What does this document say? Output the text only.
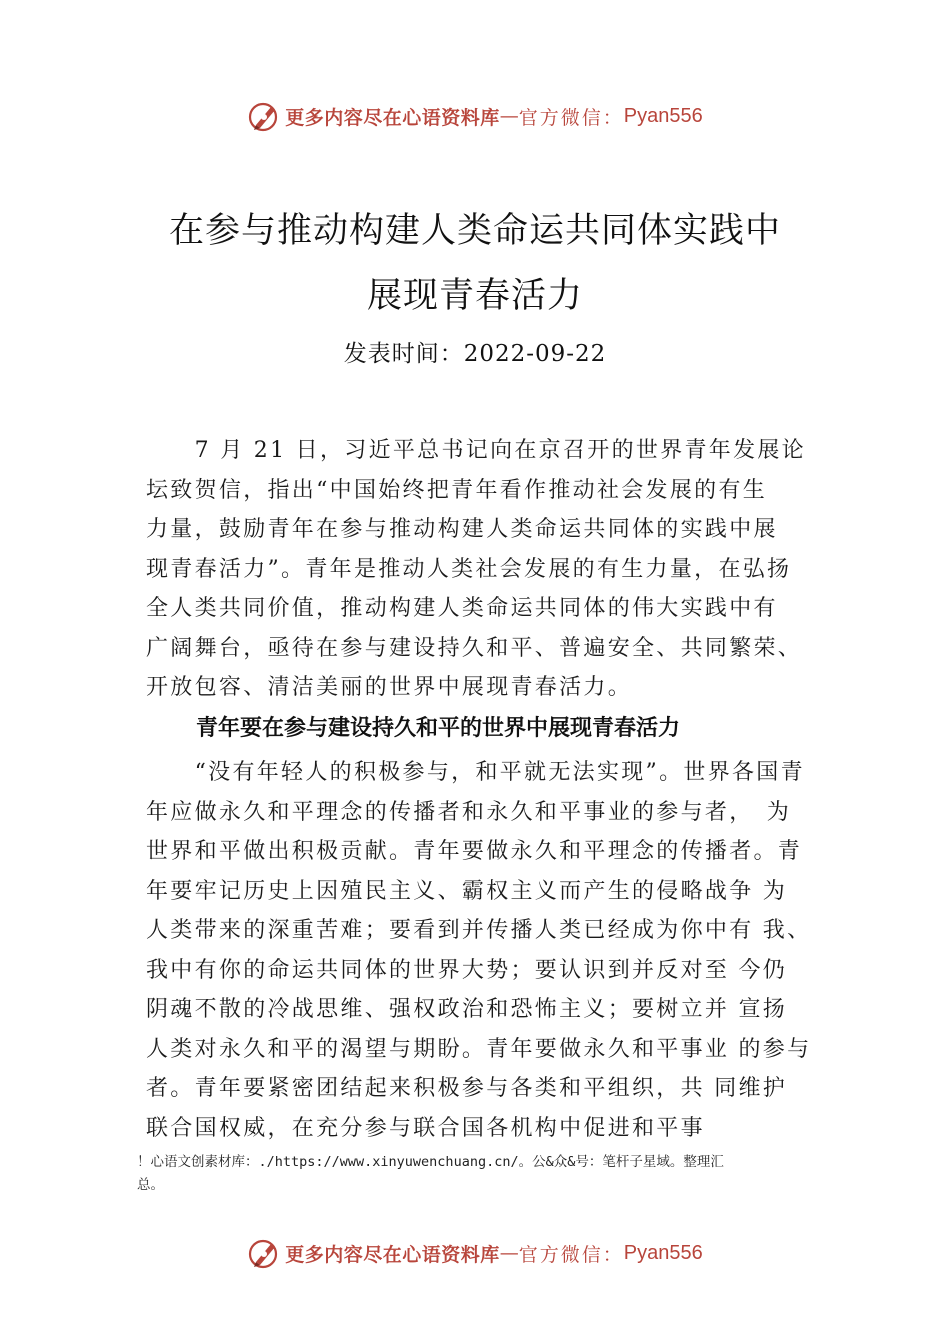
更多内容尽在心语资料库 — 官方微信： Pyan556
在参与推动构建人类命运共同体实践中
展现青春活力
发表时间：2022-09-22
　　7 月 21 日，习近平总书记向在京召开的世界青年发展论
坛致贺信，指出“中国始终把青年看作推动社会发展的有生
力量，鼓励青年在参与推动构建人类命运共同体的实践中展
现青春活力”。青年是推动人类社会发展的有生力量，在弘扬
全人类共同价值，推动构建人类命运共同体的伟大实践中有
广阔舞台，亟待在参与建设持久和平、普遍安全、共同繁荣、
开放包容、清洁美丽的世界中展现青春活力。
青年要在参与建设持久和平的世界中展现青春活力
　　“没有年轻人的积极参与，和平就无法实现”。世界各国青
年应做永久和平理念的传播者和永久和平事业的参与者，　为
世界和平做出积极贡献。青年要做永久和平理念的传播者。青
年要牢记历史上因殖民主义、霸权主义而产生的侵略战争 为
人类带来的深重苦难；要看到并传播人类已经成为你中有 我、
我中有你的命运共同体的世界大势；要认识到并反对至 今仍
阴魂不散的冷战思维、强权政治和恐怖主义；要树立并 宣扬
人类对永久和平的渴望与期盼。青年要做永久和平事业 的参与
者。青年要紧密团结起来积极参与各类和平组织，共 同维护
联合国权威，在充分参与联合国各机构中促进和平事
！心语文创素材库：./https://www.xinyuwenchuang.cn/。公&众&号：笔杆子星域。整理汇
总。
更多内容尽在心语资料库 — 官方微信： Pyan556
